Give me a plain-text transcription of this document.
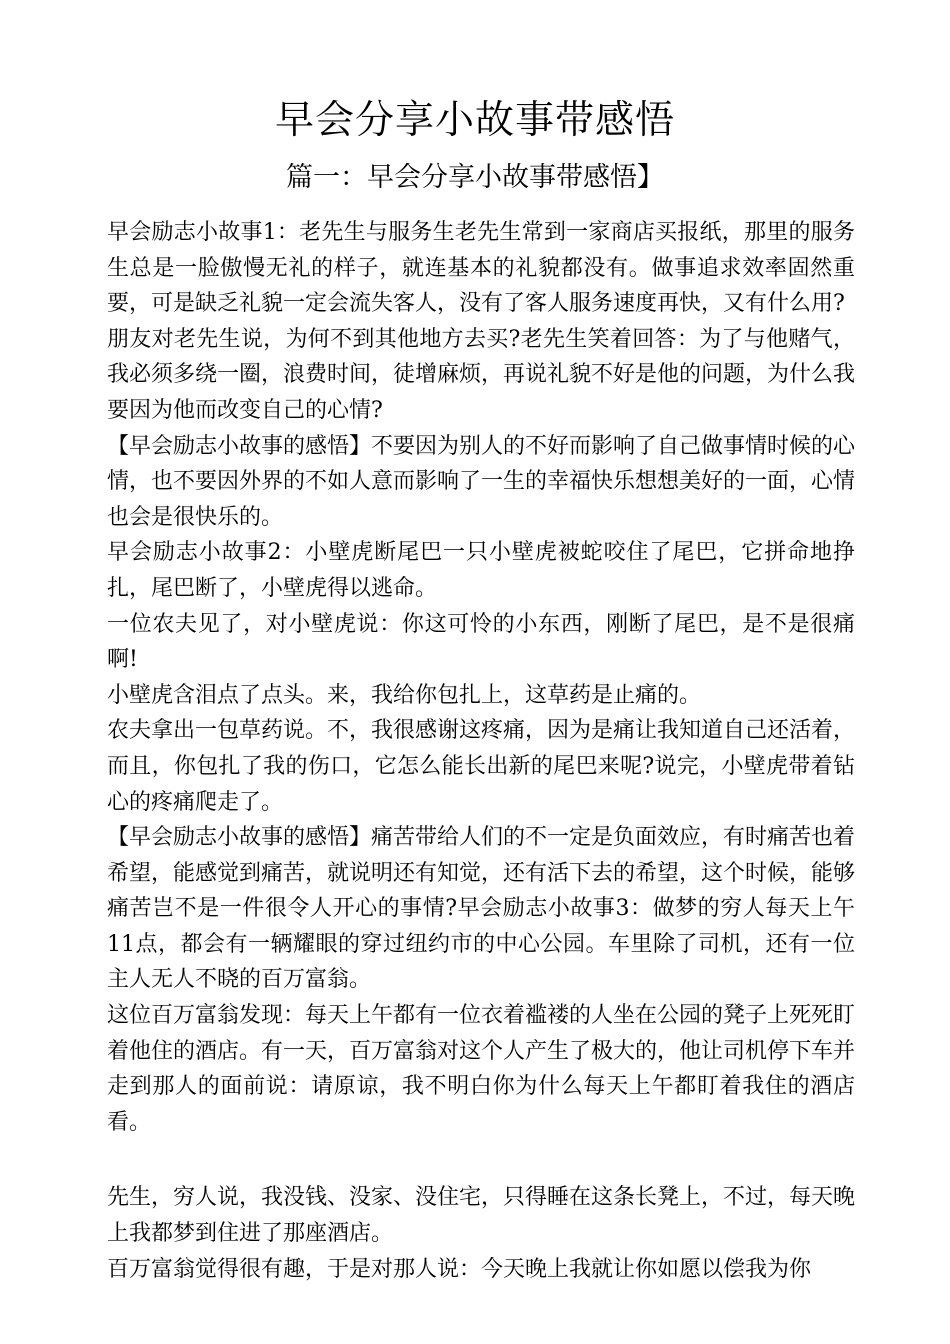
早会分享小故事带感悟
篇一：早会分享小故事带感悟】

早会励志小故事1：老先生与服务生老先生常到一家商店买报纸，那里的服务生总是一脸傲慢无礼的样子，就连基本的礼貌都没有。做事追求效率固然重要，可是缺乏礼貌一定会流失客人，没有了客人服务速度再快，又有什么用?

朋友对老先生说，为何不到其他地方去买?老先生笑着回答：为了与他赌气，我必须多绕一圈，浪费时间，徒增麻烦，再说礼貌不好是他的问题，为什么我要因为他而改变自己的心情?

【早会励志小故事的感悟】不要因为别人的不好而影响了自己做事情时候的心情，也不要因外界的不如人意而影响了一生的幸福快乐想想美好的一面，心情也会是很快乐的。

早会励志小故事2：小壁虎断尾巴一只小壁虎被蛇咬住了尾巴，它拼命地挣扎，尾巴断了，小壁虎得以逃命。

一位农夫见了，对小壁虎说：你这可怜的小东西，刚断了尾巴，是不是很痛啊!

小壁虎含泪点了点头。来，我给你包扎上，这草药是止痛的。

农夫拿出一包草药说。不，我很感谢这疼痛，因为是痛让我知道自己还活着，而且，你包扎了我的伤口，它怎么能长出新的尾巴来呢?说完，小壁虎带着钻心的疼痛爬走了。

【早会励志小故事的感悟】痛苦带给人们的不一定是负面效应，有时痛苦也着希望，能感觉到痛苦，就说明还有知觉，还有活下去的希望，这个时候，能够痛苦岂不是一件很令人开心的事情?早会励志小故事3：做梦的穷人每天上午11点，都会有一辆耀眼的穿过纽约市的中心公园。车里除了司机，还有一位主人无人不晓的百万富翁。

这位百万富翁发现：每天上午都有一位衣着褴褛的人坐在公园的凳子上死死盯着他住的酒店。有一天，百万富翁对这个人产生了极大的，他让司机停下车并走到那人的面前说：请原谅，我不明白你为什么每天上午都盯着我住的酒店看。

先生，穷人说，我没钱、没家、没住宅，只得睡在这条长凳上，不过，每天晚上我都梦到住进了那座酒店。

百万富翁觉得很有趣，于是对那人说：今天晚上我就让你如愿以偿我为你
